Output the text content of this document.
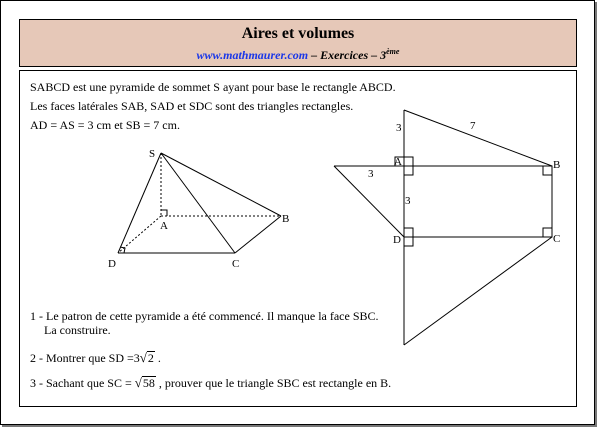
Aires et volumes
www.mathmaurer.com – Exercices – 3ème
SABCD est une pyramide de sommet S ayant pour base le rectangle ABCD.
Les faces latérales SAB, SAD et SDC sont des triangles rectangles.
AD = AS = 3 cm et SB = 7 cm.
S
A
B
C
D
3	7
3
3
A	B
C
D
1 - Le patron de cette pyramide a été commencé. Il manque la face SBC.
La construire.
2 - Montrer que SD =3√2 .
3 - Sachant que SC = √58 , prouver que le triangle SBC est rectangle en B.
